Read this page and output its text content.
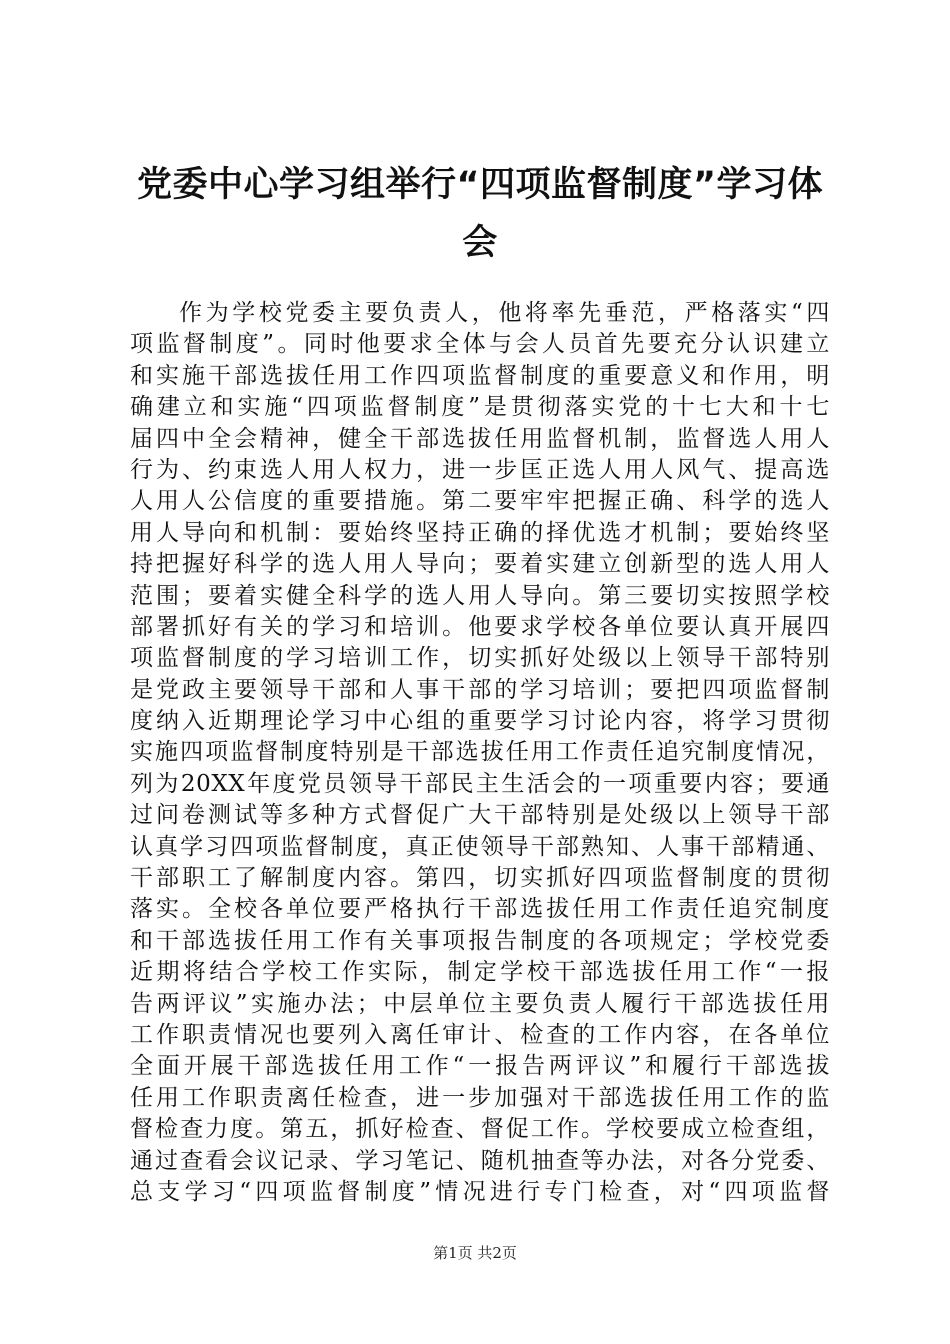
党委中心学习组举行“四项监督制度”学习体
会
作为学校党委主要负责人，他将率先垂范，严格落实“四
项监督制度”。同时他要求全体与会人员首先要充分认识建立
和实施干部选拔任用工作四项监督制度的重要意义和作用，明
确建立和实施“四项监督制度”是贯彻落实党的十七大和十七
届四中全会精神，健全干部选拔任用监督机制，监督选人用人
行为、约束选人用人权力，进一步匡正选人用人风气、提高选
人用人公信度的重要措施。第二要牢牢把握正确、科学的选人
用人导向和机制：要始终坚持正确的择优选才机制；要始终坚
持把握好科学的选人用人导向；要着实建立创新型的选人用人
范围；要着实健全科学的选人用人导向。第三要切实按照学校
部署抓好有关的学习和培训。他要求学校各单位要认真开展四
项监督制度的学习培训工作，切实抓好处级以上领导干部特别
是党政主要领导干部和人事干部的学习培训；要把四项监督制
度纳入近期理论学习中心组的重要学习讨论内容，将学习贯彻
实施四项监督制度特别是干部选拔任用工作责任追究制度情况，
列为20XX年度党员领导干部民主生活会的一项重要内容；要通
过问卷测试等多种方式督促广大干部特别是处级以上领导干部
认真学习四项监督制度，真正使领导干部熟知、人事干部精通、
干部职工了解制度内容。第四，切实抓好四项监督制度的贯彻
落实。全校各单位要严格执行干部选拔任用工作责任追究制度
和干部选拔任用工作有关事项报告制度的各项规定；学校党委
近期将结合学校工作实际，制定学校干部选拔任用工作“一报
告两评议”实施办法；中层单位主要负责人履行干部选拔任用
工作职责情况也要列入离任审计、检查的工作内容，在各单位
全面开展干部选拔任用工作“一报告两评议”和履行干部选拔
任用工作职责离任检查，进一步加强对干部选拔任用工作的监
督检查力度。第五，抓好检查、督促工作。学校要成立检查组，
通过查看会议记录、学习笔记、随机抽查等办法，对各分党委、
总支学习“四项监督制度”情况进行专门检查，对“四项监督
第1页 共2页
